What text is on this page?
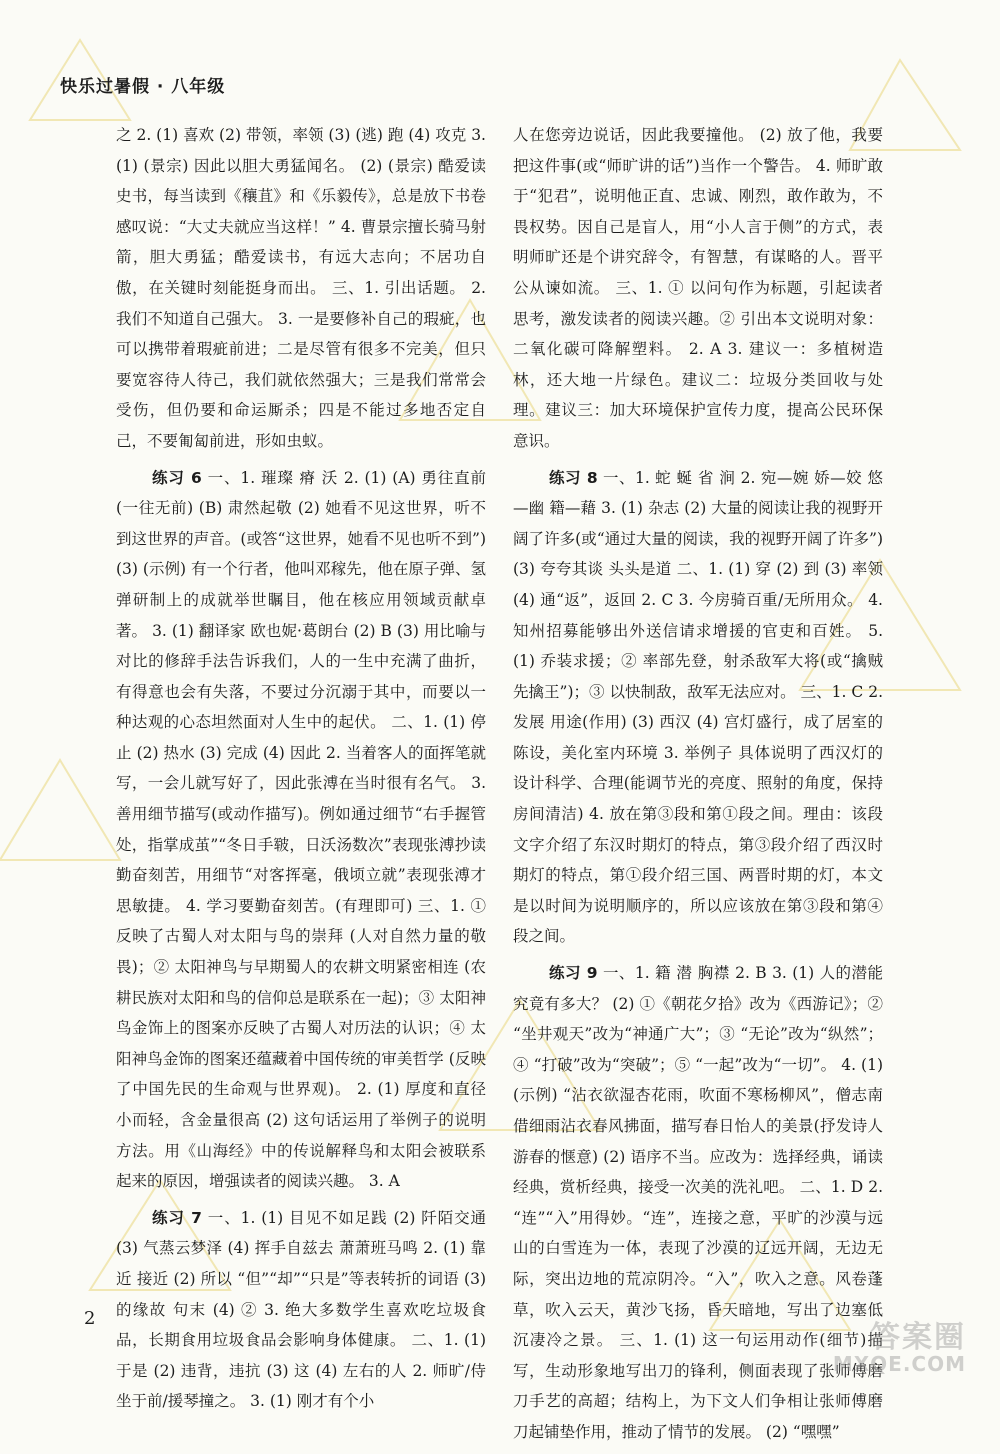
快乐过暑假 · 八年级

之 2. (1) 喜欢 (2) 带领，率领 (3) (逃) 跑 (4) 攻克 3. (1) (景宗) 因此以胆大勇猛闻名。 (2) (景宗) 酷爱读史书，每当读到《穰苴》和《乐毅传》，总是放下书卷感叹说：“大丈夫就应当这样！” 4. 曹景宗擅长骑马射箭，胆大勇猛；酷爱读书，有远大志向；不居功自傲，在关键时刻能挺身而出。 三、1. 引出话题。 2. 我们不知道自己强大。 3. 一是要修补自己的瑕疵，也可以携带着瑕疵前进；二是尽管有很多不完美，但只要宽容待人待己，我们就依然强大；三是我们常常会受伤，但仍要和命运厮杀；四是不能过多地否定自己，不要匍匐前进，形如虫蚁。

练习 6 一、1. 璀璨 瘠 沃 2. (1) (A) 勇往直前 (一往无前) (B) 肃然起敬 (2) 她看不见这世界，听不到这世界的声音。(或答“这世界，她看不见也听不到”) (3) (示例) 有一个行者，他叫邓稼先，他在原子弹、氢弹研制上的成就举世瞩目，他在核应用领域贡献卓著。 3. (1) 翻译家 欧也妮·葛朗台 (2) B (3) 用比喻与对比的修辞手法告诉我们，人的一生中充满了曲折，有得意也会有失落，不要过分沉溺于其中，而要以一种达观的心态坦然面对人生中的起伏。 二、1. (1) 停止 (2) 热水 (3) 完成 (4) 因此 2. 当着客人的面挥笔就写，一会儿就写好了，因此张溥在当时很有名气。 3. 善用细节描写(或动作描写)。例如通过细节“右手握管处，指掌成茧”“冬日手皲，日沃汤数次”表现张溥抄读勤奋刻苦，用细节“对客挥毫，俄顷立就”表现张溥才思敏捷。 4. 学习要勤奋刻苦。(有理即可) 三、1. ① 反映了古蜀人对太阳与鸟的崇拜 (人对自然力量的敬畏)；② 太阳神鸟与早期蜀人的农耕文明紧密相连 (农耕民族对太阳和鸟的信仰总是联系在一起)；③ 太阳神鸟金饰上的图案亦反映了古蜀人对历法的认识；④ 太阳神鸟金饰的图案还蕴藏着中国传统的审美哲学 (反映了中国先民的生命观与世界观)。 2. (1) 厚度和直径 小而轻，含金量很高 (2) 这句话运用了举例子的说明方法。用《山海经》中的传说解释鸟和太阳会被联系起来的原因，增强读者的阅读兴趣。 3. A

练习 7 一、1. (1) 目见不如足践 (2) 阡陌交通 (3) 气蒸云梦泽 (4) 挥手自兹去 萧萧班马鸣 2. (1) 靠近 接近 (2) 所以 “但”“却”“只是”等表转折的词语 (3) 的缘故 句末 (4) ② 3. 绝大多数学生喜欢吃垃圾食品，长期食用垃圾食品会影响身体健康。 二、1. (1) 于是 (2) 违背，违抗 (3) 这 (4) 左右的人 2. 师旷/侍坐于前/援琴撞之。 3. (1) 刚才有个小

人在您旁边说话，因此我要撞他。 (2) 放了他，我要把这件事(或“师旷讲的话”)当作一个警告。 4. 师旷敢于“犯君”，说明他正直、忠诚、刚烈，敢作敢为，不畏权势。因自己是盲人，用“小人言于侧”的方式，表明师旷还是个讲究辞令，有智慧，有谋略的人。晋平公从谏如流。 三、1. ① 以问句作为标题，引起读者思考，激发读者的阅读兴趣。② 引出本文说明对象：二氧化碳可降解塑料。 2. A 3. 建议一：多植树造林，还大地一片绿色。建议二：垃圾分类回收与处理。建议三：加大环境保护宣传力度，提高公民环保意识。

练习 8 一、1. 蛇 蜒 省 涧 2. 宛—婉 娇—姣 悠—幽 籍—藉 3. (1) 杂志 (2) 大量的阅读让我的视野开阔了许多(或“通过大量的阅读，我的视野开阔了许多”) (3) 夸夸其谈 头头是道 二、1. (1) 穿 (2) 到 (3) 率领 (4) 通“返”，返回 2. C 3. 今房骑百重/无所用众。 4. 知州招募能够出外送信请求增援的官吏和百姓。 5. (1) 乔装求援；② 率部先登，射杀敌军大将(或“擒贼先擒王”)；③ 以快制敌，敌军无法应对。 三、1. C 2. 发展 用途(作用) (3) 西汉 (4) 宫灯盛行，成了居室的陈设，美化室内环境 3. 举例子 具体说明了西汉灯的设计科学、合理(能调节光的亮度、照射的角度，保持房间清洁) 4. 放在第③段和第①段之间。理由：该段文字介绍了东汉时期灯的特点，第③段介绍了西汉时期灯的特点，第①段介绍三国、两晋时期的灯，本文是以时间为说明顺序的，所以应该放在第③段和第④段之间。

练习 9 一、1. 籍 潜 胸襟 2. B 3. (1) 人的潜能究竟有多大？ (2) ①《朝花夕拾》改为《西游记》；② “坐井观天”改为“神通广大”；③ “无论”改为“纵然”；④ “打破”改为“突破”；⑤ “一起”改为“一切”。 4. (1) (示例) “沾衣欲湿杏花雨，吹面不寒杨柳风”，僧志南借细雨沾衣春风拂面，描写春日怡人的美景(抒发诗人游春的惬意) (2) 语序不当。应改为：选择经典，诵读经典，赏析经典，接受一次美的洗礼吧。 二、1. D 2. “连”“入”用得妙。“连”，连接之意，平旷的沙漠与远山的白雪连为一体，表现了沙漠的辽远开阔，无边无际，突出边地的荒凉阴冷。“入”，吹入之意。风卷蓬草，吹入云天，黄沙飞扬，昏天暗地，写出了边塞低沉凄冷之景。 三、1. (1) 这一句运用动作(细节)描写，生动形象地写出刀的锋利，侧面表现了张师傅磨刀手艺的高超；结构上，为下文人们争相让张师傅磨刀起铺垫作用，推动了情节的发展。 (2) “嘿嘿”

2
答案圈
MXQE.COM
